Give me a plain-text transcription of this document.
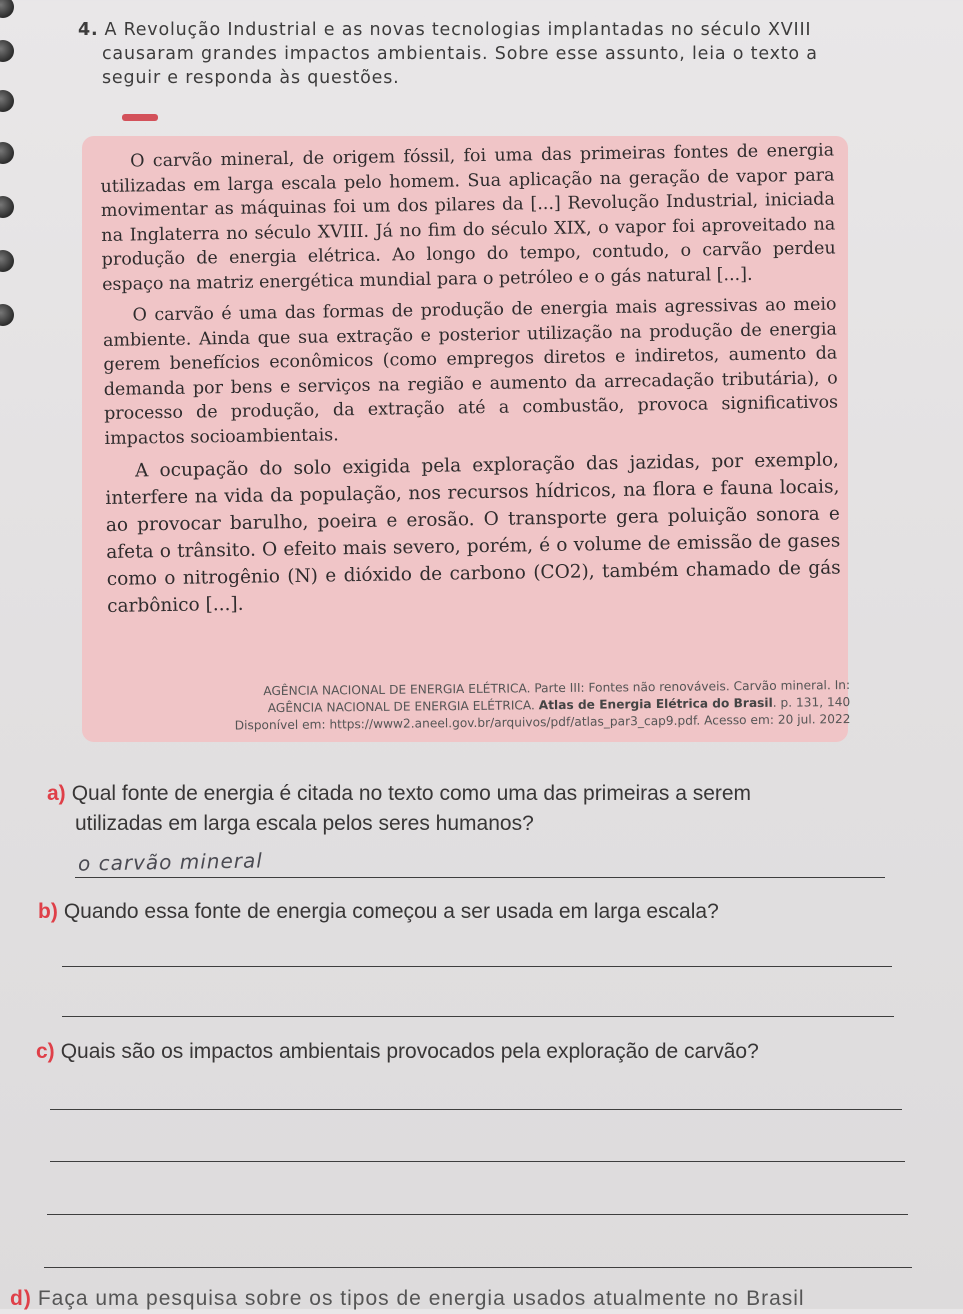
4. A Revolução Industrial e as novas tecnologias implantadas no século XVIII
causaram grandes impactos ambientais. Sobre esse assunto, leia o texto a
seguir e responda às questões.

O carvão mineral, de origem fóssil, foi uma das primeiras fontes de energia utilizadas em larga escala pelo homem. Sua aplicação na geração de vapor para movimentar as máquinas foi um dos pilares da [...] Revolução Industrial, iniciada na Inglaterra no século XVIII. Já no fim do século XIX, o vapor foi aproveitado na produção de energia elétrica. Ao longo do tempo, contudo, o carvão perdeu espaço na matriz energética mundial para o petróleo e o gás natural [...].

O carvão é uma das formas de produção de energia mais agressivas ao meio ambiente. Ainda que sua extração e posterior utilização na produção de energia gerem benefícios econômicos (como empregos diretos e indiretos, aumento da demanda por bens e serviços na região e aumento da arrecadação tributária), o processo de produção, da extração até a combustão, provoca significativos impactos socioambientais.

A ocupação do solo exigida pela exploração das jazidas, por exemplo, interfere na vida da população, nos recursos hídricos, na flora e fauna locais, ao provocar barulho, poeira e erosão. O transporte gera poluição sonora e afeta o trânsito. O efeito mais severo, porém, é o volume de emissão de gases como o nitrogênio (N) e dióxido de carbono (CO2), também chamado de gás carbônico [...].

AGÊNCIA NACIONAL DE ENERGIA ELÉTRICA. Parte III: Fontes não renováveis. Carvão mineral. In:
AGÊNCIA NACIONAL DE ENERGIA ELÉTRICA. Atlas de Energia Elétrica do Brasil. p. 131, 140
Disponível em: https://www2.aneel.gov.br/arquivos/pdf/atlas_par3_cap9.pdf. Acesso em: 20 jul. 2022
a) Qual fonte de energia é citada no texto como uma das primeiras a serem
utilizadas em larga escala pelos seres humanos?
o carvão mineral
b) Quando essa fonte de energia começou a ser usada em larga escala?
c) Quais são os impactos ambientais provocados pela exploração de carvão?
d) Faça uma pesquisa sobre os tipos de energia usados atualmente no Brasil
